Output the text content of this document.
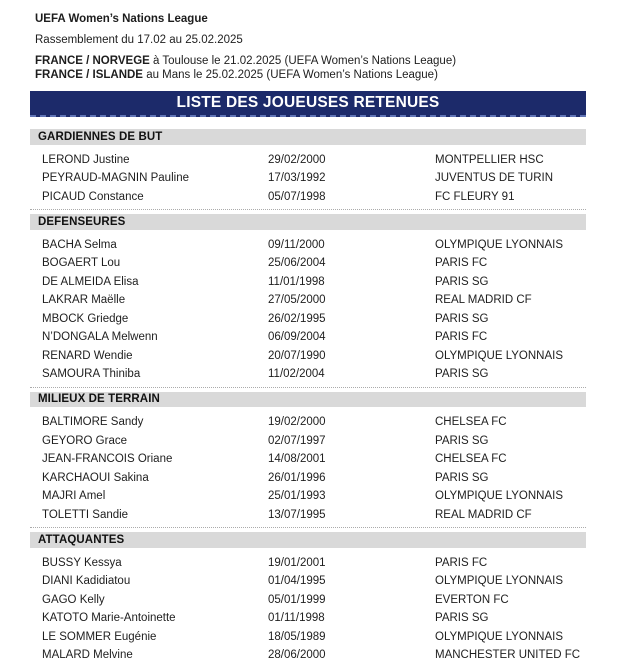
UEFA Women’s Nations League
Rassemblement du 17.02 au 25.02.2025
FRANCE / NORVEGE à Toulouse le 21.02.2025 (UEFA Women’s Nations League)
FRANCE / ISLANDE au Mans le 25.02.2025 (UEFA Women’s Nations League)
LISTE DES JOUEUSES RETENUES
GARDIENNES DE BUT
LEROND Justine	29/02/2000	MONTPELLIER HSC
PEYRAUD-MAGNIN Pauline	17/03/1992	JUVENTUS DE TURIN
PICAUD Constance	05/07/1998	FC FLEURY 91
DEFENSEURES
BACHA Selma	09/11/2000	OLYMPIQUE LYONNAIS
BOGAERT Lou	25/06/2004	PARIS FC
DE ALMEIDA Elisa	11/01/1998	PARIS SG
LAKRAR Maëlle	27/05/2000	REAL MADRID CF
MBOCK Griedge	26/02/1995	PARIS SG
N’DONGALA Melwenn	06/09/2004	PARIS FC
RENARD Wendie	20/07/1990	OLYMPIQUE LYONNAIS
SAMOURA Thiniba	11/02/2004	PARIS SG
MILIEUX DE TERRAIN
BALTIMORE Sandy	19/02/2000	CHELSEA FC
GEYORO Grace	02/07/1997	PARIS SG
JEAN-FRANCOIS Oriane	14/08/2001	CHELSEA FC
KARCHAOUI Sakina	26/01/1996	PARIS SG
MAJRI Amel	25/01/1993	OLYMPIQUE LYONNAIS
TOLETTI Sandie	13/07/1995	REAL MADRID CF
ATTAQUANTES
BUSSY Kessya	19/01/2001	PARIS FC
DIANI Kadidiatou	01/04/1995	OLYMPIQUE LYONNAIS
GAGO Kelly	05/01/1999	EVERTON FC
KATOTO Marie-Antoinette	01/11/1998	PARIS SG
LE SOMMER Eugénie	18/05/1989	OLYMPIQUE LYONNAIS
MALARD Melvine	28/06/2000	MANCHESTER UNITED FC
